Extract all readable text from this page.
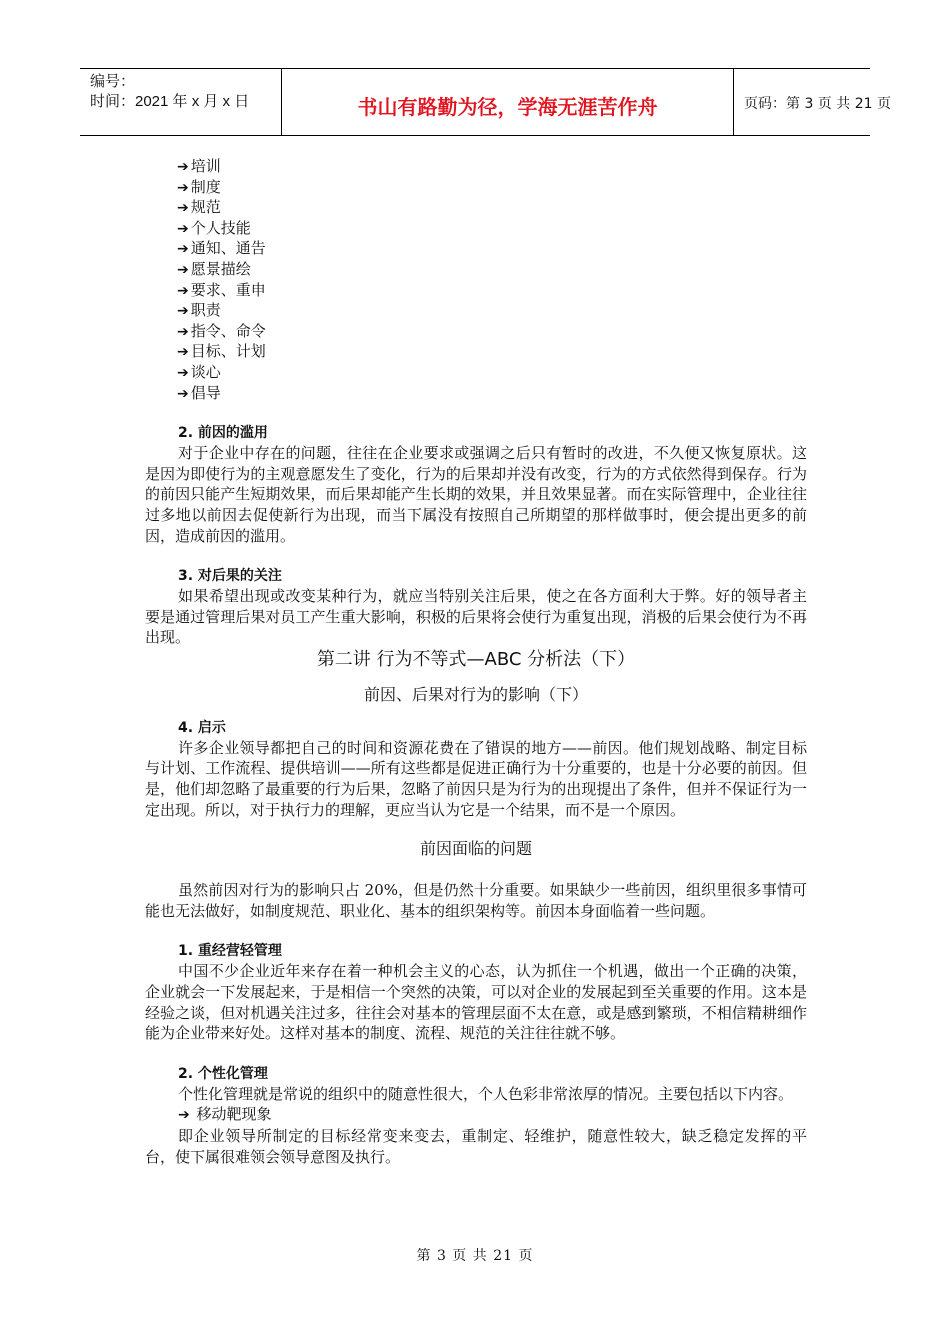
编号：
时间：2021 年 x 月 x 日	书山有路勤为径，学海无涯苦作舟	页码：第 3 页 共 21 页
➔ 培训
➔ 制度
➔ 规范
➔ 个人技能
➔ 通知、通告
➔ 愿景描绘
➔ 要求、重申
➔ 职责
➔ 指令、命令
➔ 目标、计划
➔ 谈心
➔ 倡导
2. 前因的滥用

对于企业中存在的问题，往往在企业要求或强调之后只有暂时的改进，不久便又恢复原状。这是因为即使行为的主观意愿发生了变化，行为的后果却并没有改变，行为的方式依然得到保存。行为的前因只能产生短期效果，而后果却能产生长期的效果，并且效果显著。而在实际管理中，企业往往过多地以前因去促使新行为出现，而当下属没有按照自己所期望的那样做事时，便会提出更多的前因，造成前因的滥用。

3. 对后果的关注

如果希望出现或改变某种行为，就应当特别关注后果，使之在各方面利大于弊。好的领导者主要是通过管理后果对员工产生重大影响，积极的后果将会使行为重复出现，消极的后果会使行为不再出现。

第二讲 行为不等式—ABC 分析法（下）
前因、后果对行为的影响（下）
4. 启示

许多企业领导都把自己的时间和资源花费在了错误的地方——前因。他们规划战略、制定目标与计划、工作流程、提供培训——所有这些都是促进正确行为十分重要的，也是十分必要的前因。但是，他们却忽略了最重要的行为后果，忽略了前因只是为行为的出现提出了条件，但并不保证行为一定出现。所以，对于执行力的理解，更应当认为它是一个结果，而不是一个原因。

前因面临的问题

虽然前因对行为的影响只占 20%，但是仍然十分重要。如果缺少一些前因，组织里很多事情可能也无法做好，如制度规范、职业化、基本的组织架构等。前因本身面临着一些问题。

1. 重经营轻管理

中国不少企业近年来存在着一种机会主义的心态，认为抓住一个机遇，做出一个正确的决策，企业就会一下发展起来，于是相信一个突然的决策，可以对企业的发展起到至关重要的作用。这本是经验之谈，但对机遇关注过多，往往会对基本的管理层面不太在意，或是感到繁琐，不相信精耕细作能为企业带来好处。这样对基本的制度、流程、规范的关注往往就不够。

2. 个性化管理

个性化管理就是常说的组织中的随意性很大，个人色彩非常浓厚的情况。主要包括以下内容。

➔ 移动靶现象

即企业领导所制定的目标经常变来变去，重制定、轻维护，随意性较大，缺乏稳定发挥的平台，使下属很难领会领导意图及执行。

第 3 页 共 21 页
